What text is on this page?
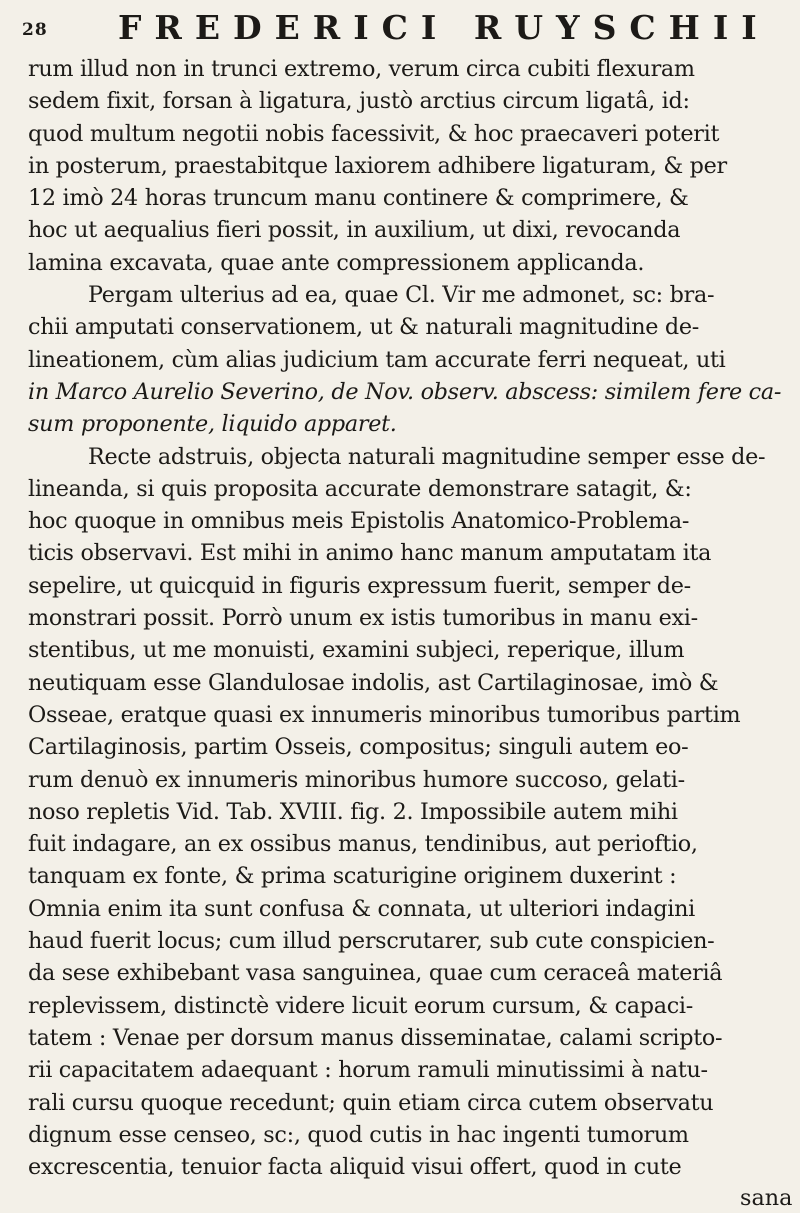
28 FREDERICI RUYSCHII
rum illud non in trunci extremo, verum circa cubiti flexuram
sedem fixit, forsan à ligatura, justò arctius circum ligatâ, id:
quod multum negotii nobis facessivit, & hoc praecaveri poterit
in posterum, praestabitque laxiorem adhibere ligaturam, & per
12 imò 24 horas truncum manu continere & comprimere, &
hoc ut aequalius fieri possit, in auxilium, ut dixi, revocanda
lamina excavata, quae ante compressionem applicanda.
Pergam ulterius ad ea, quae Cl. Vir me admonet, sc: bra-
chii amputati conservationem, ut & naturali magnitudine de-
lineationem, cùm alias judicium tam accurate ferri nequeat, uti
in Marco Aurelio Severino, de Nov. observ. abscess: similem fere ca-
sum proponente, liquido apparet.
Recte adstruis, objecta naturali magnitudine semper esse de-
lineanda, si quis proposita accurate demonstrare satagit, &:
hoc quoque in omnibus meis Epistolis Anatomico-Problema-
ticis observavi. Est mihi in animo hanc manum amputatam ita
sepelire, ut quicquid in figuris expressum fuerit, semper de-
monstrari possit. Porrò unum ex istis tumoribus in manu exi-
stentibus, ut me monuisti, examini subjeci, reperique, illum
neutiquam esse Glandulosae indolis, ast Cartilaginosae, imò &
Osseae, eratque quasi ex innumeris minoribus tumoribus partim
Cartilaginosis, partim Osseis, compositus; singuli autem eo-
rum denuò ex innumeris minoribus humore succoso, gelati-
noso repletis Vid. Tab. XVIII. fig. 2. Impossibile autem mihi
fuit indagare, an ex ossibus manus, tendinibus, aut perioftio,
tanquam ex fonte, & prima scaturigine originem duxerint :
Omnia enim ita sunt confusa & connata, ut ulteriori indagini
haud fuerit locus; cum illud perscrutarer, sub cute conspicien-
da sese exhibebant vasa sanguinea, quae cum ceraceâ materiâ
replevissem, distinctè videre licuit eorum cursum, & capaci-
tatem : Venae per dorsum manus disseminatae, calami scripto-
rii capacitatem adaequant : horum ramuli minutissimi à natu-
rali cursu quoque recedunt; quin etiam circa cutem observatu
dignum esse censeo, sc:, quod cutis in hac ingenti tumorum
excrescentia, tenuior facta aliquid visui offert, quod in cute
sana
